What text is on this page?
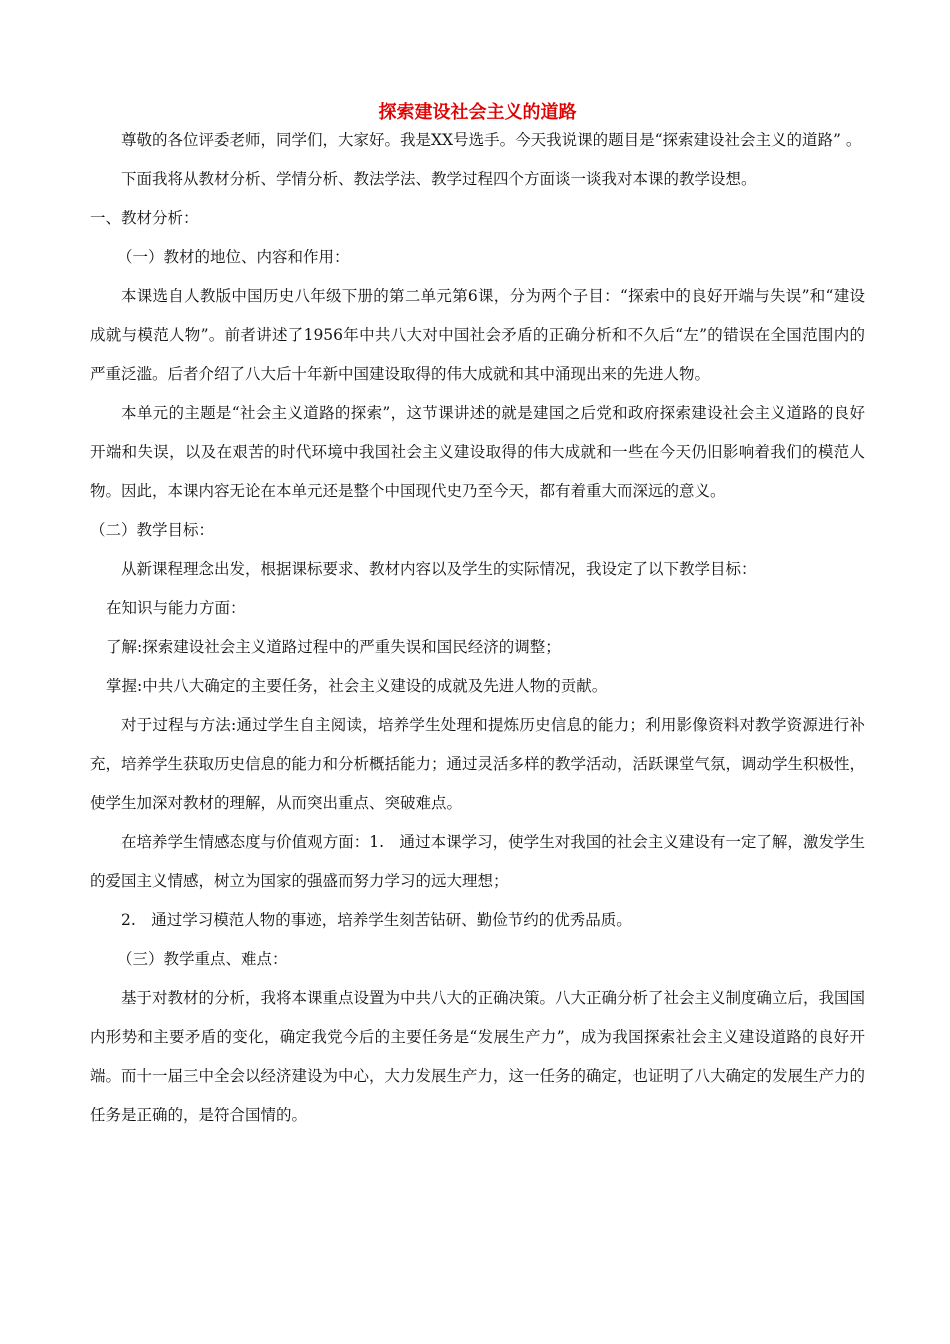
探索建设社会主义的道路

尊敬的各位评委老师，同学们，大家好。我是XX号选手。今天我说课的题目是“探索建设社会主义的道路” 。

下面我将从教材分析、学情分析、教法学法、教学过程四个方面谈一谈我对本课的教学设想。

一、教材分析：

（一）教材的地位、内容和作用：

本课选自人教版中国历史八年级下册的第二单元第6课，分为两个子目：“探索中的良好开端与失误”和“建设成就与模范人物”。前者讲述了1956年中共八大对中国社会矛盾的正确分析和不久后“左”的错误在全国范围内的严重泛滥。后者介绍了八大后十年新中国建设取得的伟大成就和其中涌现出来的先进人物。

本单元的主题是“社会主义道路的探索”，这节课讲述的就是建国之后党和政府探索建设社会主义道路的良好开端和失误，以及在艰苦的时代环境中我国社会主义建设取得的伟大成就和一些在今天仍旧影响着我们的模范人物。因此，本课内容无论在本单元还是整个中国现代史乃至今天，都有着重大而深远的意义。

（二）教学目标：

从新课程理念出发，根据课标要求、教材内容以及学生的实际情况，我设定了以下教学目标：

在知识与能力方面：

了解:探索建设社会主义道路过程中的严重失误和国民经济的调整；

掌握:中共八大确定的主要任务，社会主义建设的成就及先进人物的贡献。

对于过程与方法:通过学生自主阅读，培养学生处理和提炼历史信息的能力；利用影像资料对教学资源进行补充，培养学生获取历史信息的能力和分析概括能力；通过灵活多样的教学活动，活跃课堂气氛，调动学生积极性，使学生加深对教材的理解，从而突出重点、突破难点。

在培养学生情感态度与价值观方面：1.　通过本课学习，使学生对我国的社会主义建设有一定了解，激发学生的爱国主义情感，树立为国家的强盛而努力学习的远大理想；

2.　通过学习模范人物的事迹，培养学生刻苦钻研、勤俭节约的优秀品质。

（三）教学重点、难点：

基于对教材的分析，我将本课重点设置为中共八大的正确决策。八大正确分析了社会主义制度确立后，我国国内形势和主要矛盾的变化，确定我党今后的主要任务是“发展生产力”，成为我国探索社会主义建设道路的良好开端。而十一届三中全会以经济建设为中心，大力发展生产力，这一任务的确定，也证明了八大确定的发展生产力的任务是正确的，是符合国情的。
